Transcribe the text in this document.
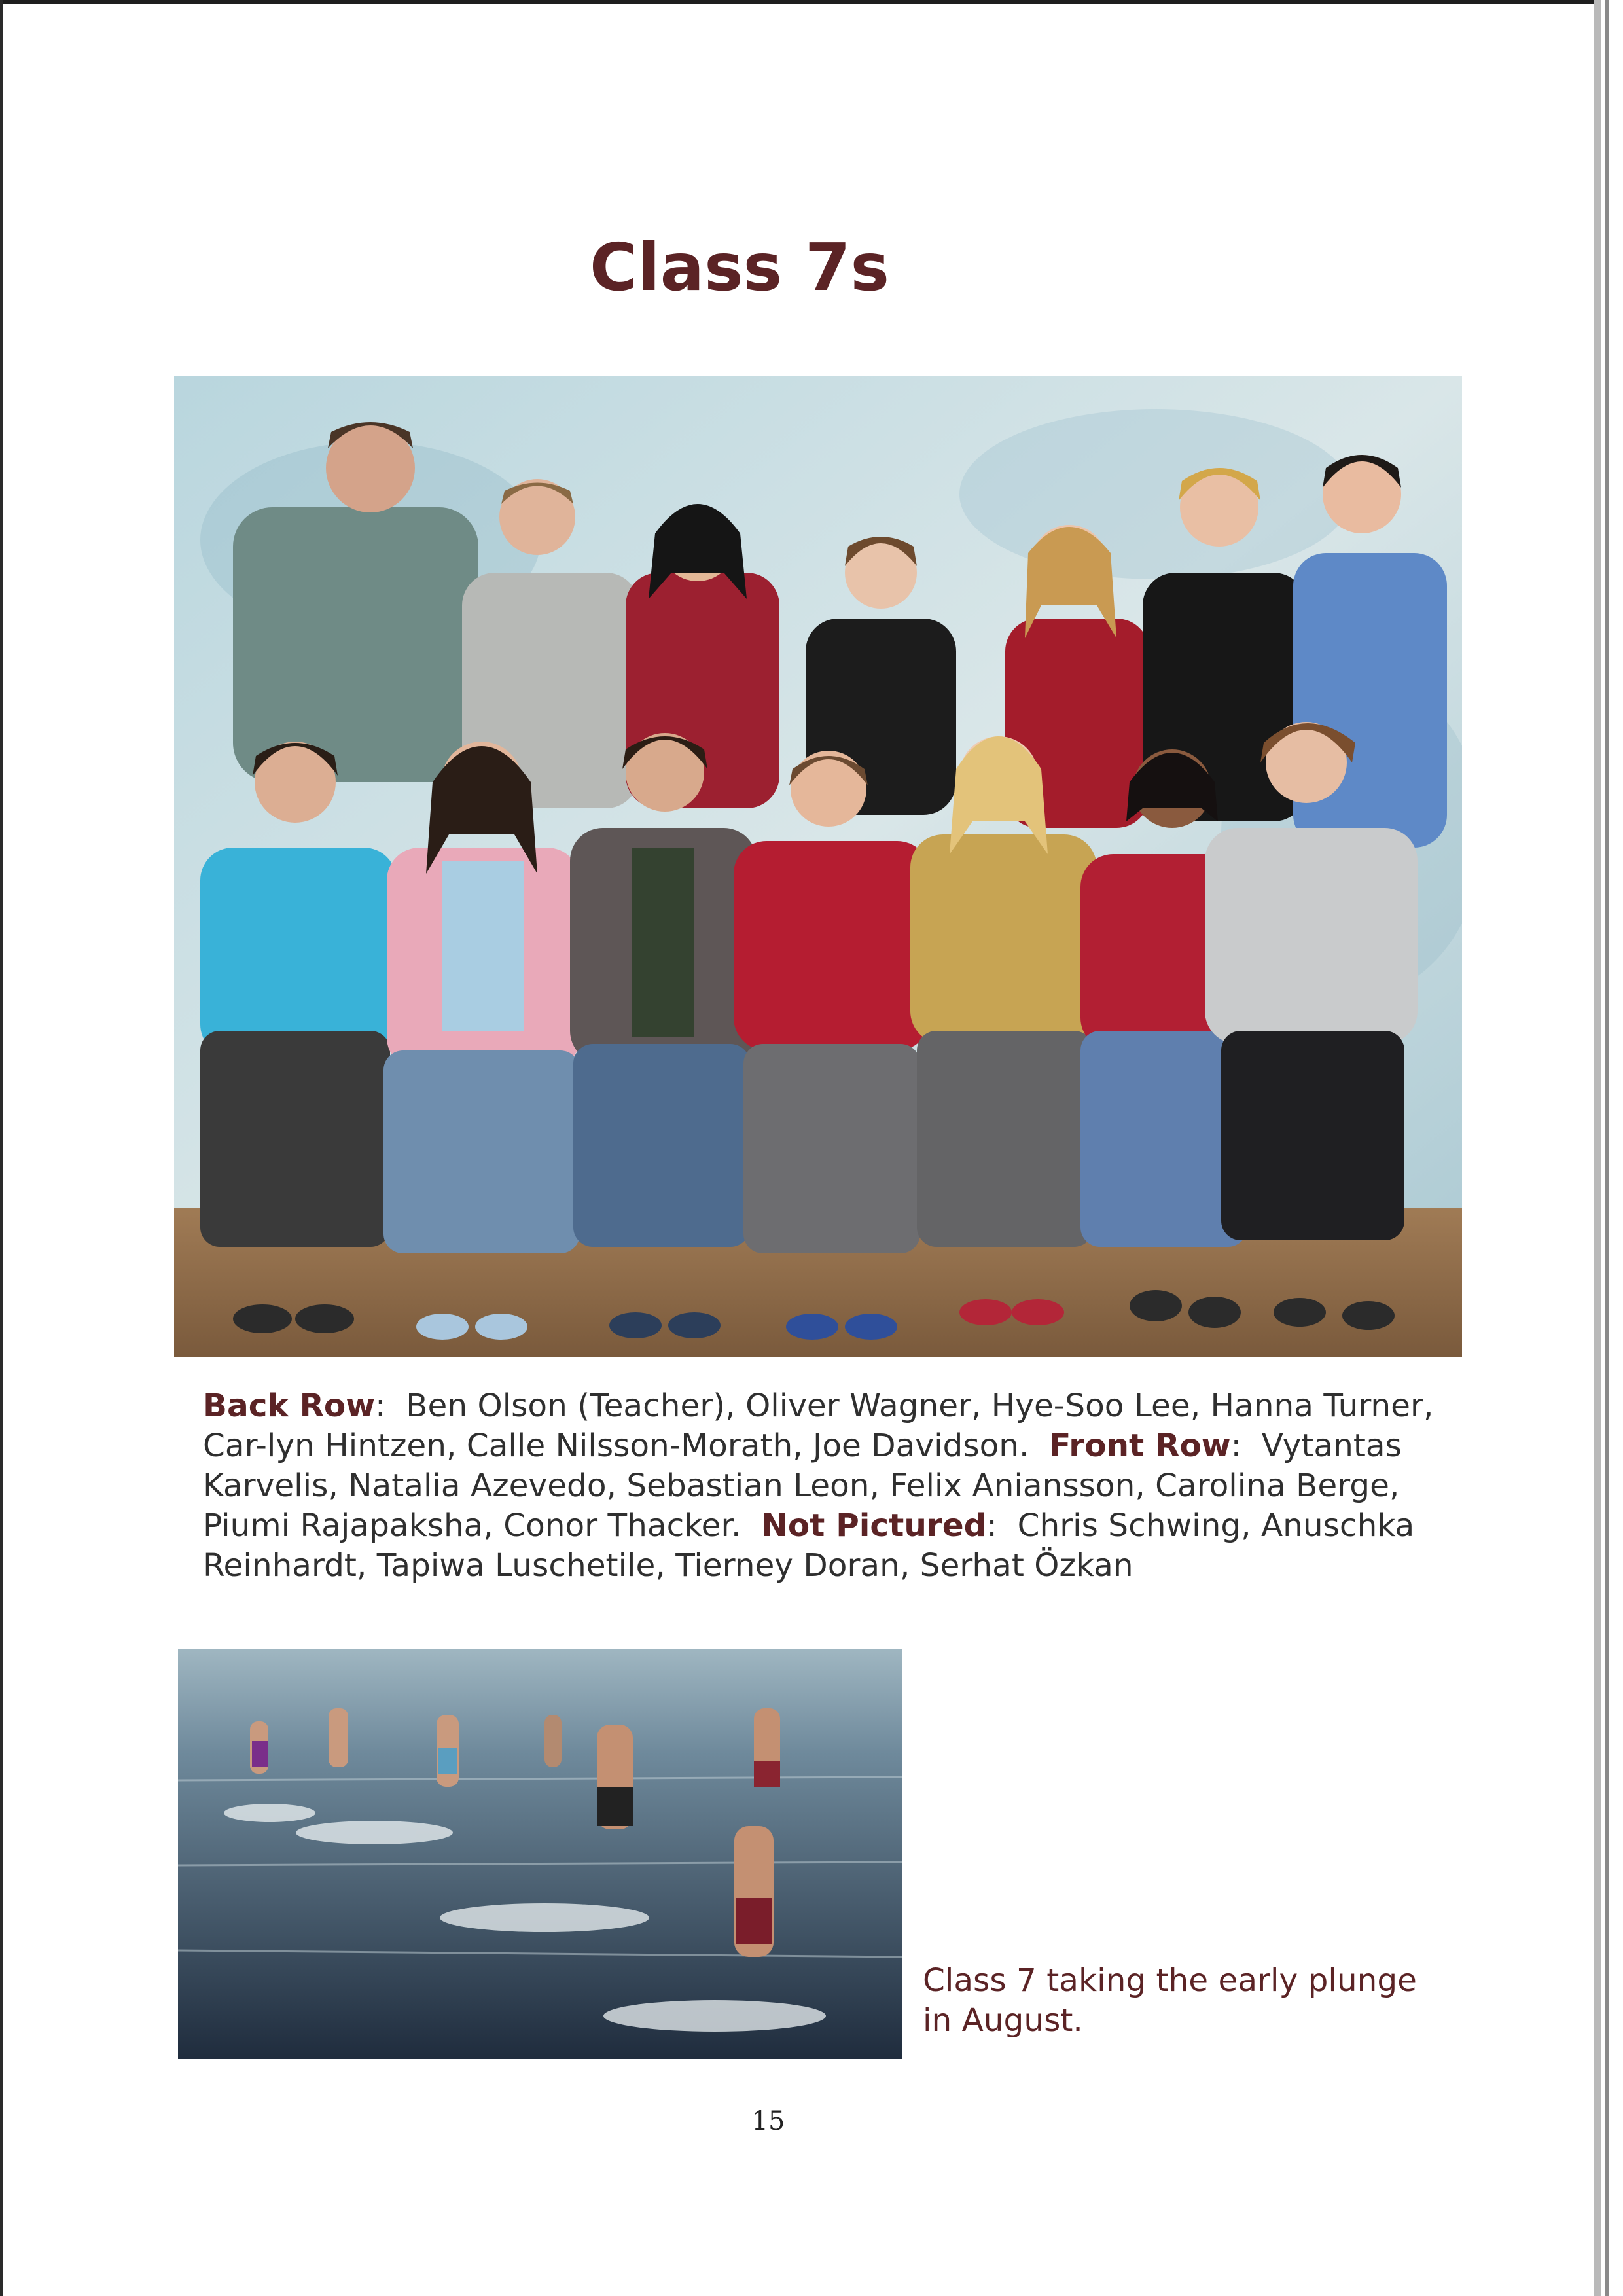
Class 7s
Back Row:  Ben Olson (Teacher), Oliver Wagner, Hye-Soo Lee, Hanna Turner, Car-lyn Hintzen, Calle Nilsson-Morath, Joe Davidson. Front Row:  Vytantas Karvelis, Natalia Azevedo, Sebastian Leon, Felix Aniansson, Carolina Berge, Piumi Rajapaksha, Conor Thacker. Not Pictured:  Chris Schwing, Anuschka Reinhardt, Tapiwa Luschetile, Tierney Doran, Serhat Özkan
Class 7 taking the early plunge in August.
15
